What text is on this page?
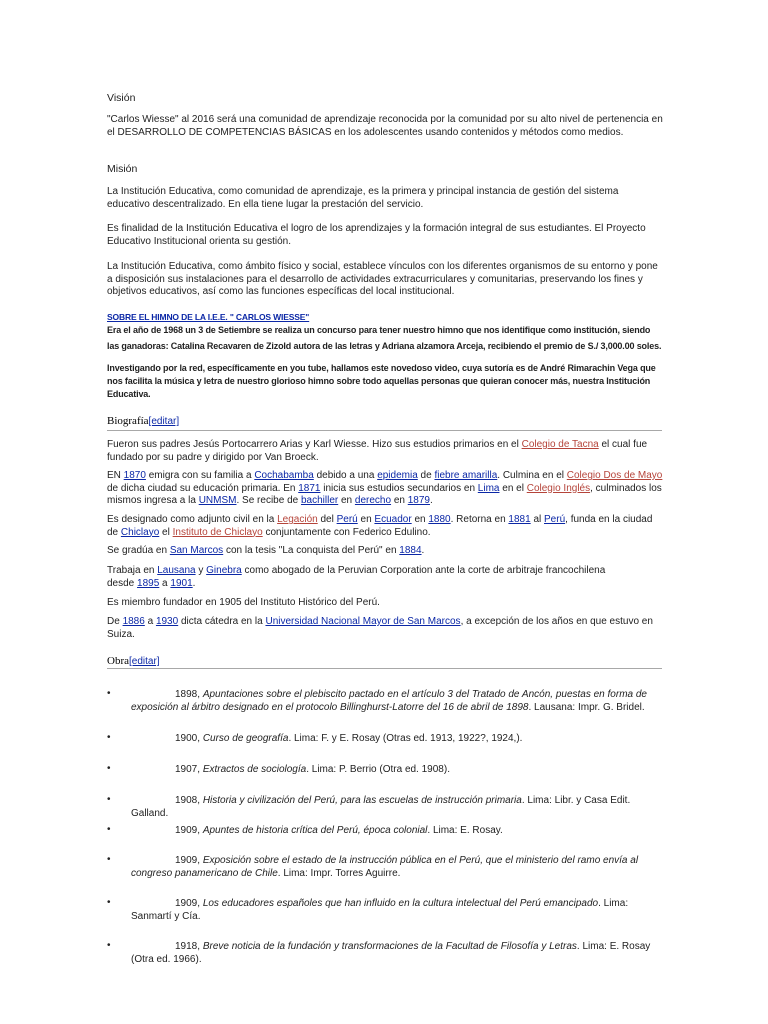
Visión
"Carlos Wiesse" al 2016 será una comunidad de aprendizaje reconocida por la comunidad por su alto nivel de pertenencia en el DESARROLLO DE COMPETENCIAS BÁSICAS en los adolescentes usando contenidos y métodos como medios.
Misión
La Institución Educativa, como comunidad de aprendizaje, es la primera y principal instancia de gestión del sistema educativo descentralizado. En ella tiene lugar la prestación del servicio.
Es finalidad de la Institución Educativa el logro de los aprendizajes y la formación integral de sus estudiantes. El Proyecto Educativo Institucional orienta su gestión.
La Institución Educativa, como ámbito físico y social, establece vínculos con los diferentes organismos de su entorno y pone a disposición sus instalaciones para el desarrollo de actividades extracurriculares y comunitarias, preservando los fines y objetivos educativos, así como las funciones específicas del local institucional.
SOBRE EL HIMNO DE LA I.E.E. " CARLOS WIESSE"
Era el año de 1968 un 3 de Setiembre se realiza un concurso para tener nuestro himno que nos identifique como institución, siendo las ganadoras: Catalina Recavaren de Zizold autora de las letras y Adriana alzamora Arceja, recibiendo el premio de S./ 3,000.00 soles.
Investigando por la red, específicamente en you tube, hallamos este novedoso video, cuya sutoría es de André Rimarachin Vega que nos facilita la música y letra de nuestro glorioso himno sobre todo aquellas personas que quieran conocer más, nuestra Institución Educativa.
Biografía[editar]
Fueron sus padres Jesús Portocarrero Arias y Karl Wiesse. Hizo sus estudios primarios en el Colegio de Tacna el cual fue fundado por su padre y dirigido por Van Broeck.
EN 1870 emigra con su familia a Cochabamba debido a una epidemia de fiebre amarilla. Culmina en el Colegio Dos de Mayo de dicha ciudad su educación primaria. En 1871 inicia sus estudios secundarios en Lima en el Colegio Inglés, culminados los mismos ingresa a la UNMSM. Se recibe de bachiller en derecho en 1879.
Es designado como adjunto civil en la Legación del Perú en Ecuador en 1880. Retorna en 1881 al Perú, funda en la ciudad de Chiclayo el Instituto de Chiclayo conjuntamente con Federico Edulino.
Se gradúa en San Marcos con la tesis "La conquista del Perú" en 1884.
Trabaja en Lausana y Ginebra como abogado de la Peruvian Corporation ante la corte de arbitraje francochilena desde 1895 a 1901.
Es miembro fundador en 1905 del Instituto Histórico del Perú.
De 1886 a 1930 dicta cátedra en la Universidad Nacional Mayor de San Marcos, a excepción de los años en que estuvo en Suiza.
Obra[editar]
•	1898, Apuntaciones sobre el plebiscito pactado en el artículo 3 del Tratado de Ancón, puestas en forma de exposición al árbitro designado en el protocolo Billinghurst-Latorre del 16 de abril de 1898. Lausana: Impr. G. Bridel.
•	1900, Curso de geografía. Lima: F. y E. Rosay (Otras ed. 1913, 1922?, 1924,).
•	1907, Extractos de sociología. Lima: P. Berrio (Otra ed. 1908).
•	1908, Historia y civilización del Perú, para las escuelas de instrucción primaria. Lima: Libr. y Casa Edit. Galland.
•	1909, Apuntes de historia crítica del Perú, época colonial. Lima: E. Rosay.
•	1909, Exposición sobre el estado de la instrucción pública en el Perú, que el ministerio del ramo envía al congreso panamericano de Chile. Lima: Impr. Torres Aguirre.
•	1909, Los educadores españoles que han influido en la cultura intelectual del Perú emancipado. Lima: Sanmartí y Cía.
•	1918, Breve noticia de la fundación y transformaciones de la Facultad de Filosofía y Letras. Lima: E. Rosay (Otra ed. 1966).
